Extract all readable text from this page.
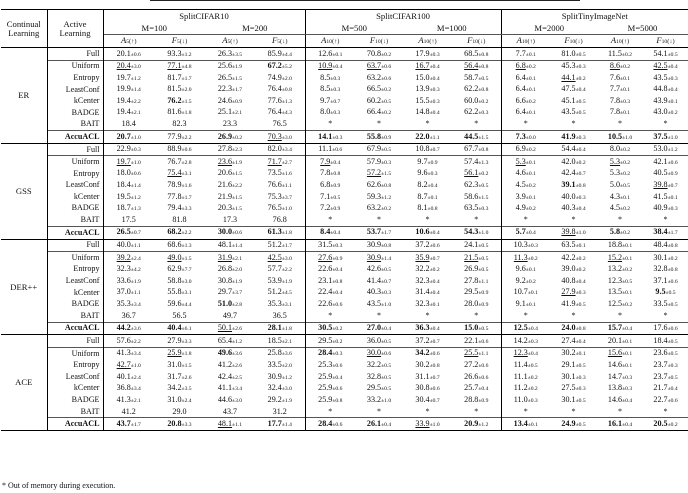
Continual
Learning	Active
Learning	SplitCIFAR10				SplitCIFAR100				SplitTinyImageNet			
		M=100		M=200		M=500		M=1000		M=2000		M=5000	
		A5(↑)	F5(↓)	A5(↑)	F5(↓)	A10(↑)	F10(↓)	A10(↑)	F10(↓)	A10(↑)	F10(↓)	A10(↑)	F10(↓)
ER	Full	20.1±0.6	93.3±1.2	26.3±3.5	85.9±4.4	12.6±0.1	70.8±0.2	17.9±0.3	68.5±0.8	7.7±0.1	81.0±0.5	11.5±0.2	54.1±0.5
	Uniform	20.4±3.0	77.1±4.8	25.6±1.9	67.2±5.2	10.9±0.4	63.7±0.6	16.7±0.4	56.4±0.8	6.8±0.2	45.3±0.3	8.6±0.2	42.5±0.4
	Entropy	19.7±1.2	81.7±1.7	26.5±1.5	74.9±2.0	8.5±0.3	63.2±0.6	15.0±0.4	58.7±0.5	6.4±0.1	44.1±0.2	7.6±0.1	43.5±0.3
	LeastConf	19.9±1.4	81.5±2.0	22.3±1.7	76.4±0.8	8.5±0.3	66.5±0.2	13.9±0.3	62.2±0.8	6.4±0.1	47.5±0.4	7.7±0.1	44.8±0.4
	kCenter	19.4±2.2	76.2±1.5	24.6±0.9	77.6±1.3	9.7±0.7	60.2±0.5	15.5±0.3	60.0±0.2	6.6±0.2	45.1±0.5	7.8±0.3	43.9±0.1
	BADGE	19.4±2.1	81.6±1.8	25.1±2.1	76.4±4.3	8.0±0.3	66.4±0.2	14.8±0.4	62.2±0.3	6.4±0.1	43.5±0.5	7.8±0.1	43.0±0.2
	BAIT	18.4	82.3	23.3	76.5	*	*	*	*	*	*	*	*
	AccuACL	20.7±1.0	77.9±2.2	26.9±0.2	70.3±3.0	14.1±0.3	55.8±0.9	22.0±1.1	44.5±1.5	7.3±0.0	41.9±0.3	10.5±1.0	37.5±1.0
GSS	Full	22.9±0.3	88.9±0.6	27.8±2.3	82.0±3.4	11.1±0.6	67.9±0.5	10.8±0.7	67.7±0.8	6.9±0.2	54.4±0.4	8.0±0.2	53.0±1.2
	Uniform	19.7±1.0	76.7±2.8	23.6±1.9	71.7±2.7	7.9±0.4	57.9±0.3	9.7±0.9	57.4±1.3	5.3±0.1	42.0±0.2	5.3±0.2	42.1±0.6
	Entropy	18.0±0.6	75.4±3.1	20.6±1.5	73.5±1.6	7.8±0.8	57.2±1.5	9.6±0.3	56.1±0.2	4.6±0.1	42.4±0.7	5.3±0.2	40.5±0.9
	LeastConf	18.4±1.4	78.9±1.6	21.6±2.2	76.6±1.1	6.8±0.9	62.6±0.8	8.2±0.4	62.3±0.5	4.5±0.2	39.1±0.8	5.0±0.5	39.8±0.7
	kCenter	19.5±1.2	77.8±1.7	21.9±1.5	75.3±3.7	7.1±0.5	59.3±1.2	8.7±0.1	58.6±1.5	3.9±0.1	40.0±0.3	4.3±0.1	41.5±0.1
	BADGE	18.7±1.3	79.4±3.3	20.3±1.5	76.5±1.0	7.2±0.9	63.2±0.2	8.1±0.8	63.5±0.3	4.9±0.2	40.3±0.4	4.5±0.2	40.9±0.3
	BAIT	17.5	81.8	17.3	76.8	*	*	*	*	*	*	*	*
	AccuACL	26.5±0.7	68.2±2.2	30.0±0.6	61.3±1.8	8.4±0.4	53.7±1.7	10.6±0.4	54.3±1.0	5.7±0.4	39.8±1.0	5.8±0.2	38.4±1.7
DER++	Full	40.0±1.1	68.6±1.3	48.1±1.4	51.2±1.7	31.5±0.3	30.9±0.8	37.2±0.6	24.1±0.5	10.3±0.3	63.5±0.1	18.8±0.1	48.4±0.8
	Uniform	39.2±2.4	49.0±1.5	31.9±2.1	42.5±3.0	27.6±0.9	30.9±1.4	35.9±0.7	21.5±0.5	11.3±0.2	42.2±0.2	15.2±0.1	30.1±0.2
	Entropy	32.3±4.2	62.9±7.7	26.8±2.0	57.7±2.2	22.6±0.4	42.6±0.5	32.2±0.2	26.9±0.5	9.6±0.1	39.0±0.2	13.2±0.2	32.8±0.8
	LeastConf	33.6±1.9	58.8±3.0	30.8±1.9	53.9±1.9	23.1±0.8	41.4±0.7	32.3±0.4	27.8±1.1	9.2±0.2	40.8±0.4	12.3±0.5	37.1±0.6
	kCenter	37.0±1.1	55.8±3.1	29.7±3.7	51.2±4.5	22.4±0.4	40.3±0.3	31.4±0.4	29.5±0.9	10.7±0.1	27.9±0.3	13.5±0.1	9.5±0.5
	BADGE	35.3±3.4	59.6±4.4	51.0±2.8	35.3±3.1	22.6±0.6	43.5±1.0	32.3±0.1	28.0±0.9	9.1±0.1	41.9±0.5	12.5±0.2	33.5±0.5
	BAIT	36.7	56.5	49.7	36.5	*	*	*	*	*	*	*	*
	AccuACL	44.2±3.6	40.4±6.1	50.1±2.6	28.1±1.8	30.5±0.2	27.0±0.4	36.3±0.4	15.0±0.5	12.5±0.4	24.0±0.8	15.7±0.4	17.6±0.6
ACE	Full	57.6±2.2	27.9±3.3	65.4±1.2	18.5±2.1	29.5±0.2	36.0±0.5	37.2±0.7	22.1±0.6	14.2±0.3	27.4±0.4	20.1±0.1	18.4±0.5
	Uniform	41.3±3.4	25.9±1.8	49.6±3.6	25.8±3.6	28.4±0.3	30.0±0.6	34.2±0.6	25.5±1.1	12.3±0.4	30.2±0.1	15.6±0.1	23.6±0.5
	Entropy	42.7±1.0	31.0±1.5	41.2±2.6	33.5±2.0	25.3±0.6	32.2±0.5	30.2±0.8	27.2±0.6	11.4±0.5	29.1±0.5	14.6±0.1	23.7±0.3
	LeastConf	40.1±2.4	31.7±2.6	42.4±2.5	30.9±1.2	25.9±0.4	32.8±0.5	31.1±0.7	26.6±0.6	11.1±0.2	30.1±0.3	14.7±0.3	23.7±0.5
	kCenter	36.8±3.4	34.2±3.5	41.1±3.4	32.4±3.0	25.9±0.6	29.5±0.5	30.8±0.6	25.7±0.4	11.2±0.2	27.5±0.3	13.8±0.3	21.7±0.4
	BADGE	41.3±2.1	31.0±2.4	44.6±3.0	29.2±1.9	25.9±0.8	33.2±1.0	30.4±0.7	28.8±0.9	11.0±0.3	30.1±0.5	14.6±0.4	22.7±0.6
	BAIT	41.2	29.0	43.7	31.2	*	*	*	*	*	*	*	*
	AccuACL	43.7±1.7	20.8±3.3	48.1±1.1	17.7±1.4	28.4±0.6	26.1±0.4	33.9±1.0	20.9±1.2	13.4±0.1	24.9±0.5	16.1±0.4	20.5±0.2
* Out of memory during execution.
